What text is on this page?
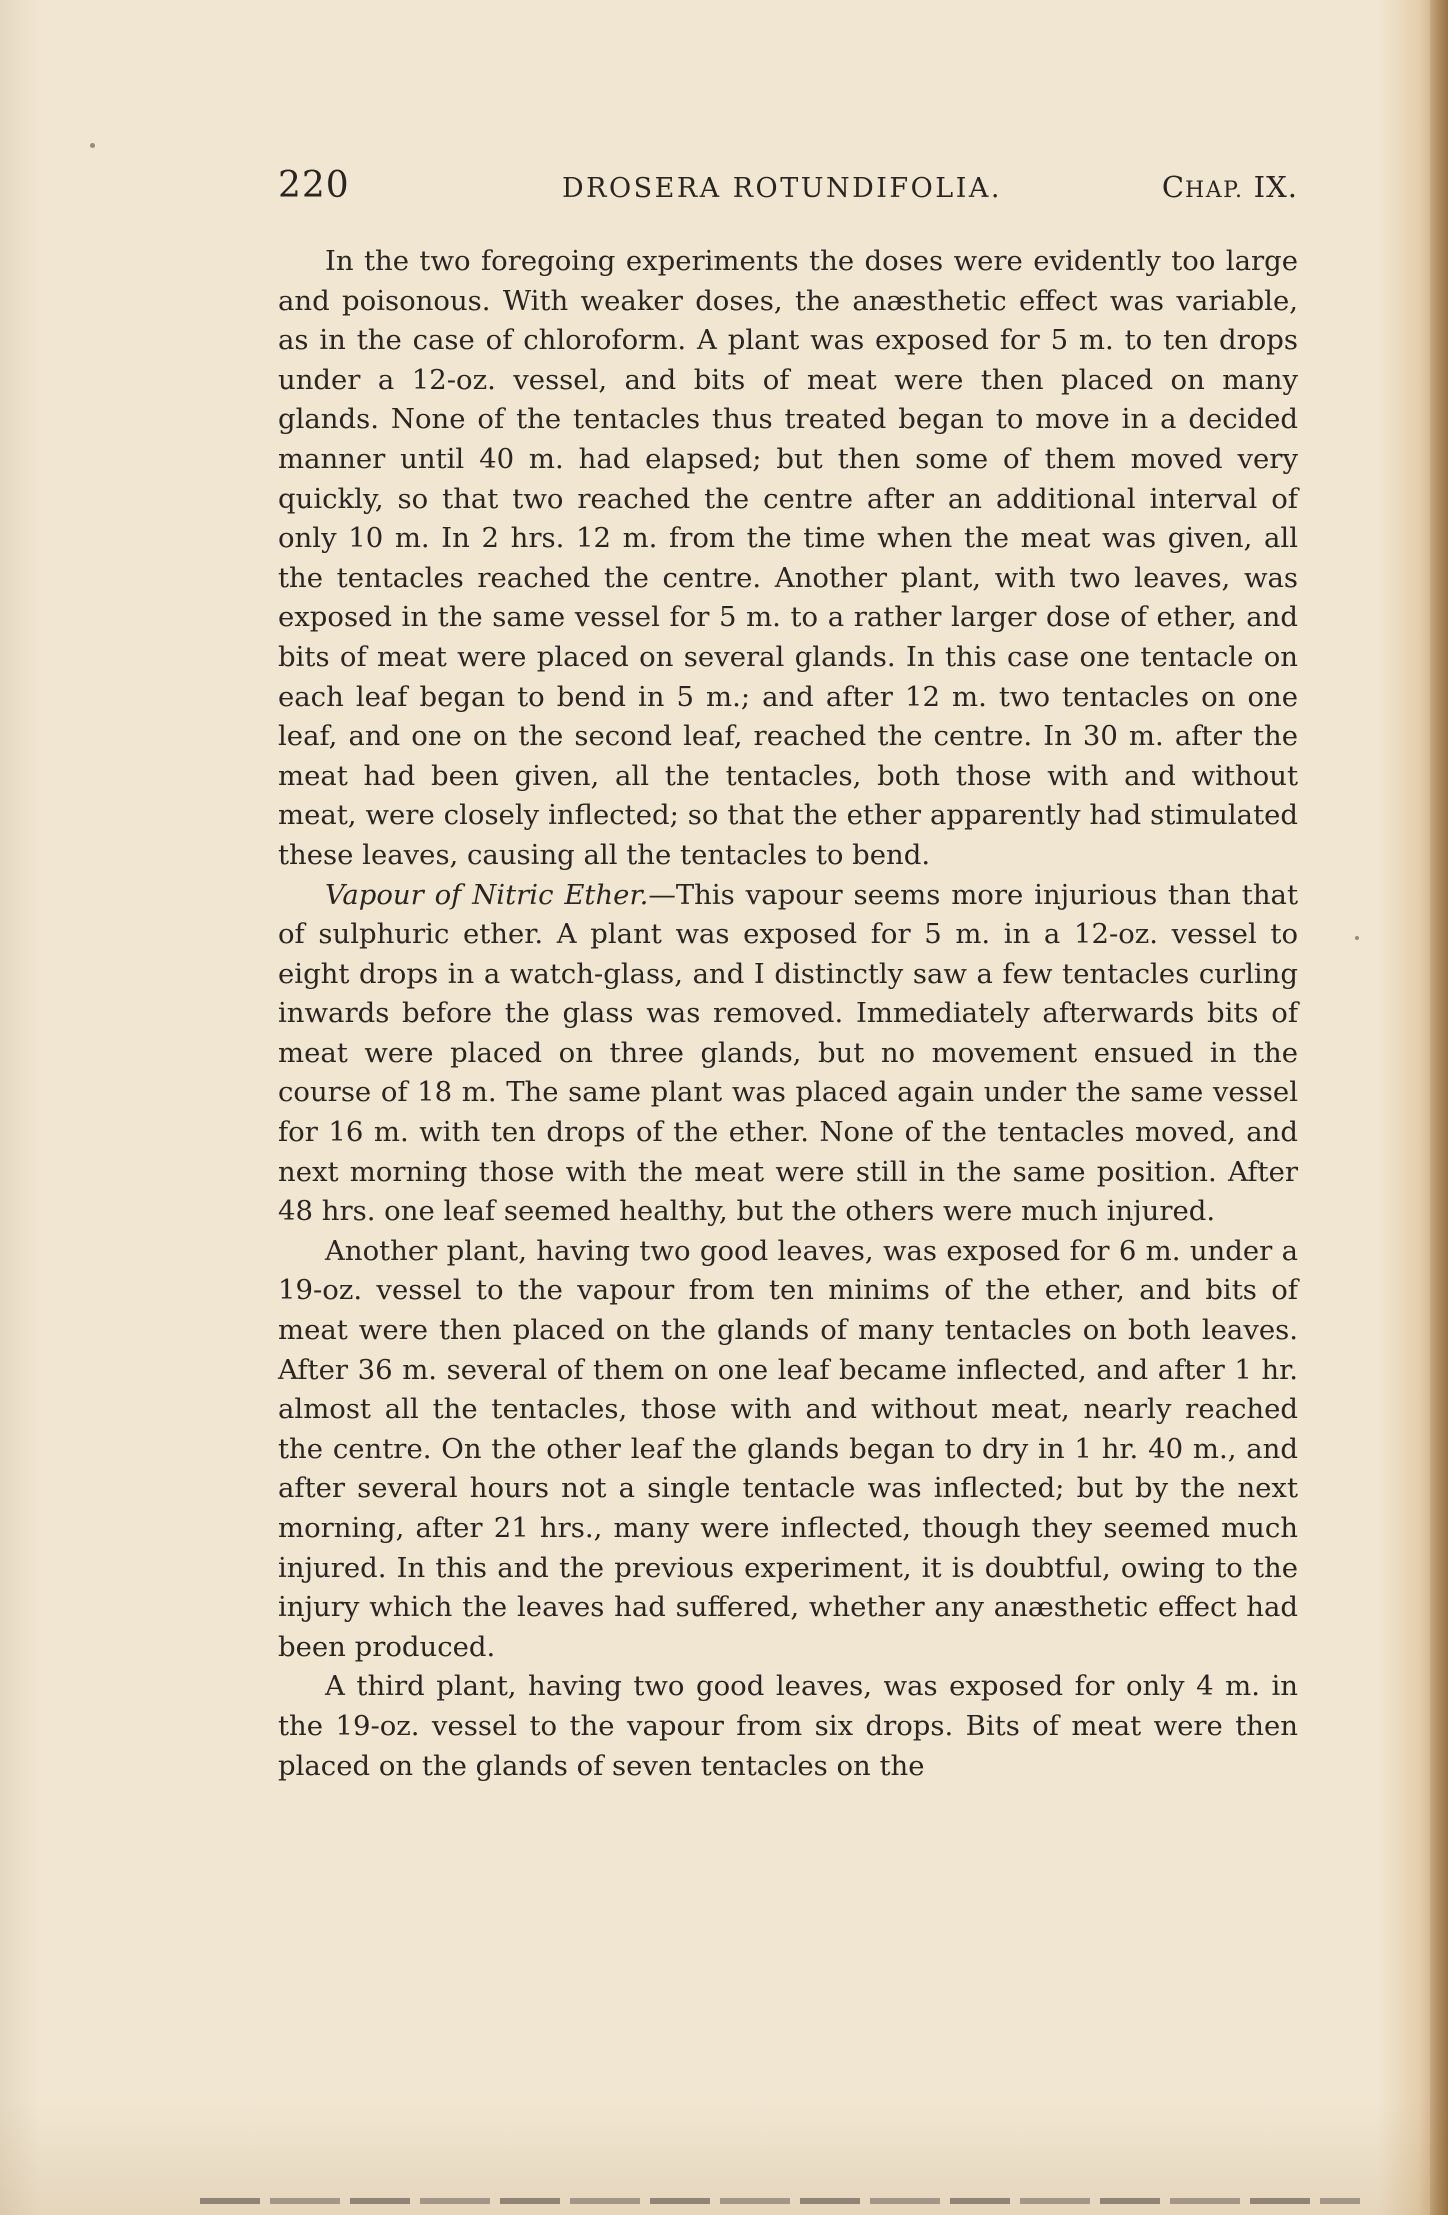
220	DROSERA ROTUNDIFOLIA.	CHAP. IX.

In the two foregoing experiments the doses were evidently too large and poisonous. With weaker doses, the anæsthetic effect was variable, as in the case of chloroform. A plant was exposed for 5 m. to ten drops under a 12-oz. vessel, and bits of meat were then placed on many glands. None of the tentacles thus treated began to move in a decided manner until 40 m. had elapsed; but then some of them moved very quickly, so that two reached the centre after an additional interval of only 10 m. In 2 hrs. 12 m. from the time when the meat was given, all the tentacles reached the centre. Another plant, with two leaves, was exposed in the same vessel for 5 m. to a rather larger dose of ether, and bits of meat were placed on several glands. In this case one tentacle on each leaf began to bend in 5 m.; and after 12 m. two tentacles on one leaf, and one on the second leaf, reached the centre. In 30 m. after the meat had been given, all the tentacles, both those with and without meat, were closely inflected; so that the ether apparently had stimulated these leaves, causing all the tentacles to bend.

Vapour of Nitric Ether.—This vapour seems more injurious than that of sulphuric ether. A plant was exposed for 5 m. in a 12-oz. vessel to eight drops in a watch-glass, and I distinctly saw a few tentacles curling inwards before the glass was removed. Immediately afterwards bits of meat were placed on three glands, but no movement ensued in the course of 18 m. The same plant was placed again under the same vessel for 16 m. with ten drops of the ether. None of the tentacles moved, and next morning those with the meat were still in the same position. After 48 hrs. one leaf seemed healthy, but the others were much injured.

Another plant, having two good leaves, was exposed for 6 m. under a 19-oz. vessel to the vapour from ten minims of the ether, and bits of meat were then placed on the glands of many tentacles on both leaves. After 36 m. several of them on one leaf became inflected, and after 1 hr. almost all the tentacles, those with and without meat, nearly reached the centre. On the other leaf the glands began to dry in 1 hr. 40 m., and after several hours not a single tentacle was inflected; but by the next morning, after 21 hrs., many were inflected, though they seemed much injured. In this and the previous experiment, it is doubtful, owing to the injury which the leaves had suffered, whether any anæsthetic effect had been produced.

A third plant, having two good leaves, was exposed for only 4 m. in the 19-oz. vessel to the vapour from six drops. Bits of meat were then placed on the glands of seven tentacles on the
